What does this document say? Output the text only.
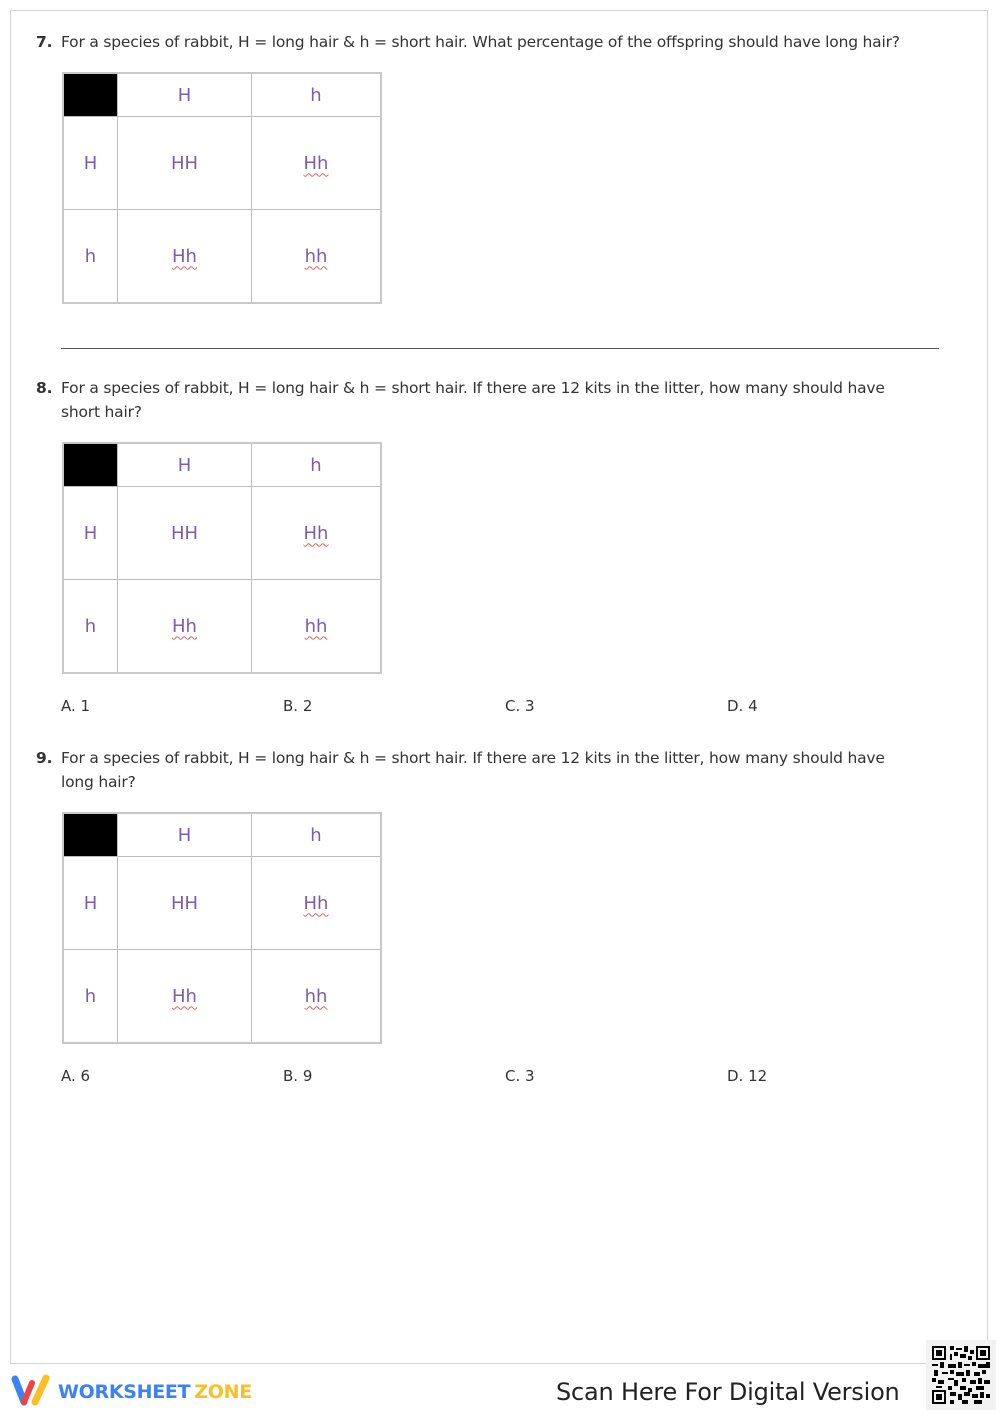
7. For a species of rabbit, H = long hair & h = short hair. What percentage of the offspring should have long hair?
	H	h
H	HH	Hh
h	Hh	hh
8. For a species of rabbit, H = long hair & h = short hair. If there are 12 kits in the litter, how many should have
short hair?
	H	h
H	HH	Hh
h	Hh	hh
A. 1	B. 2	C. 3	D. 4
9. For a species of rabbit, H = long hair & h = short hair. If there are 12 kits in the litter, how many should have
long hair?
	H	h
H	HH	Hh
h	Hh	hh
A. 6	B. 9	C. 3	D. 12
WORKSHEET ZONE	Scan Here For Digital Version
